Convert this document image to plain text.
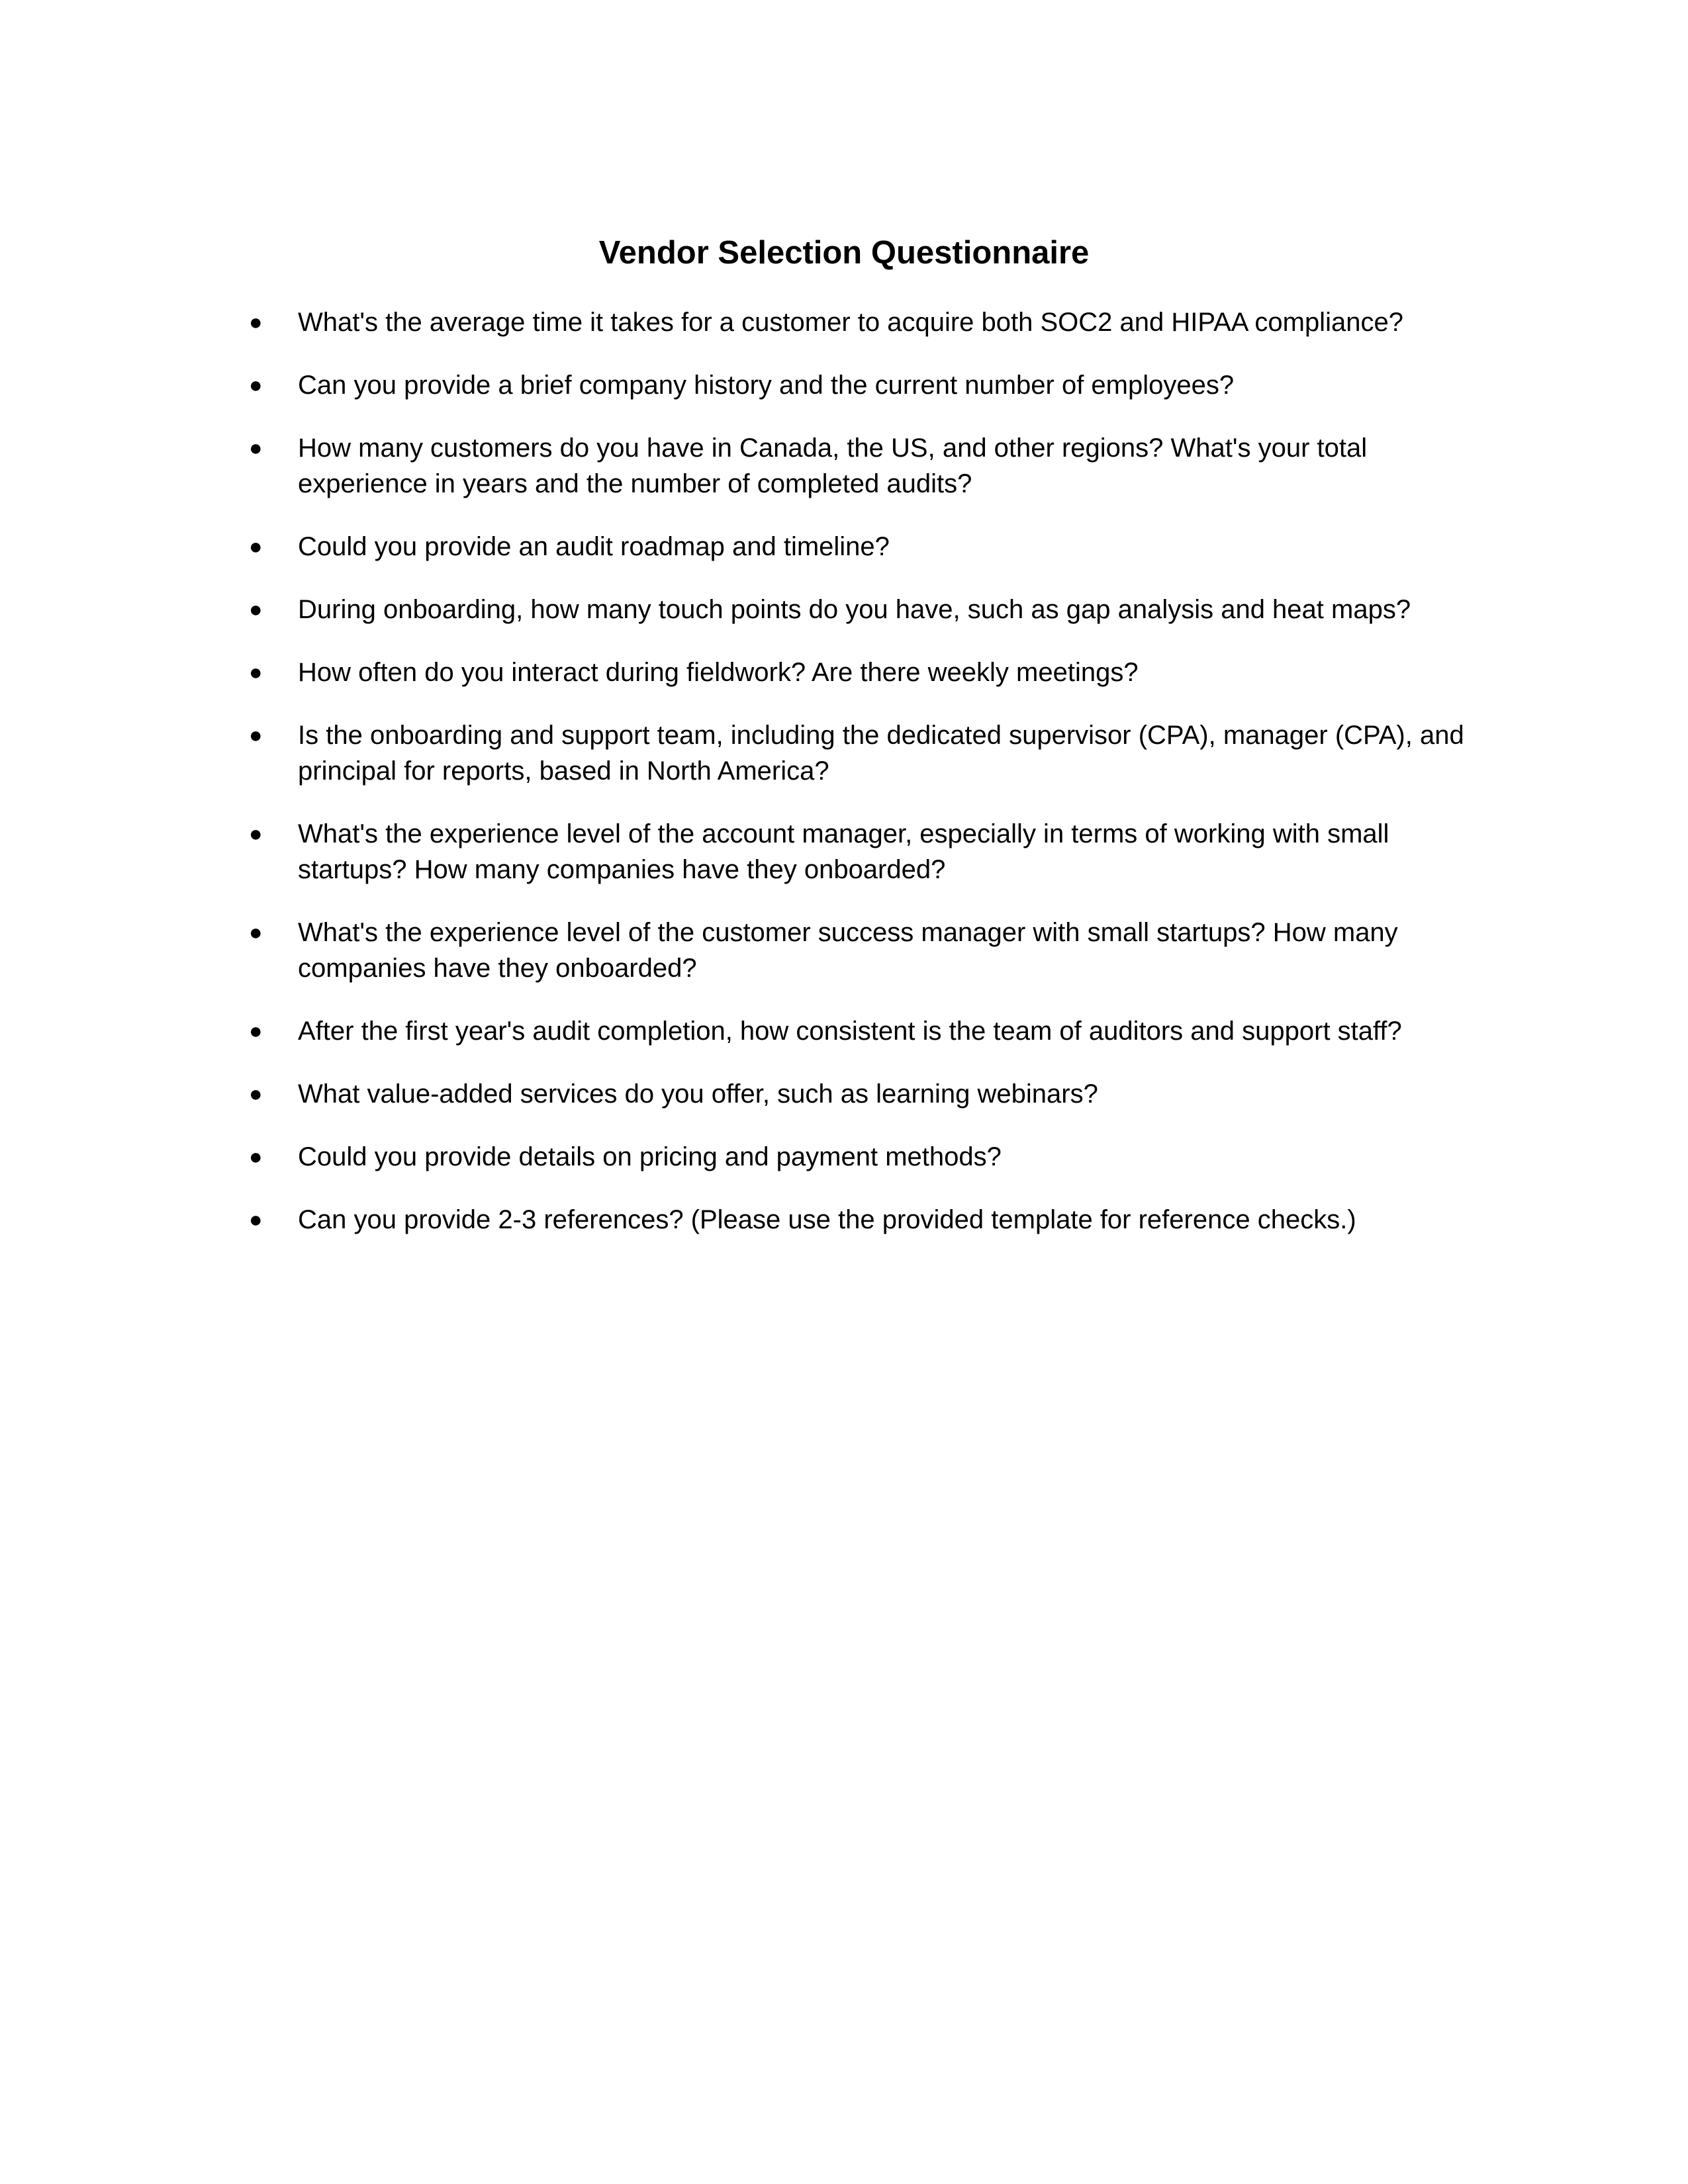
Vendor Selection Questionnaire
●	What's the average time it takes for a customer to acquire both SOC2 and HIPAA compliance?
●	Can you provide a brief company history and the current number of employees?
●	How many customers do you have in Canada, the US, and other regions? What's your total experience in years and the number of completed audits?
●	Could you provide an audit roadmap and timeline?
●	During onboarding, how many touch points do you have, such as gap analysis and heat maps?
●	How often do you interact during fieldwork? Are there weekly meetings?
●	Is the onboarding and support team, including the dedicated supervisor (CPA), manager (CPA), and principal for reports, based in North America?
●	What's the experience level of the account manager, especially in terms of working with small startups? How many companies have they onboarded?
●	What's the experience level of the customer success manager with small startups? How many companies have they onboarded?
●	After the first year's audit completion, how consistent is the team of auditors and support staff?
●	What value-added services do you offer, such as learning webinars?
●	Could you provide details on pricing and payment methods?
●	Can you provide 2-3 references? (Please use the provided template for reference checks.)
